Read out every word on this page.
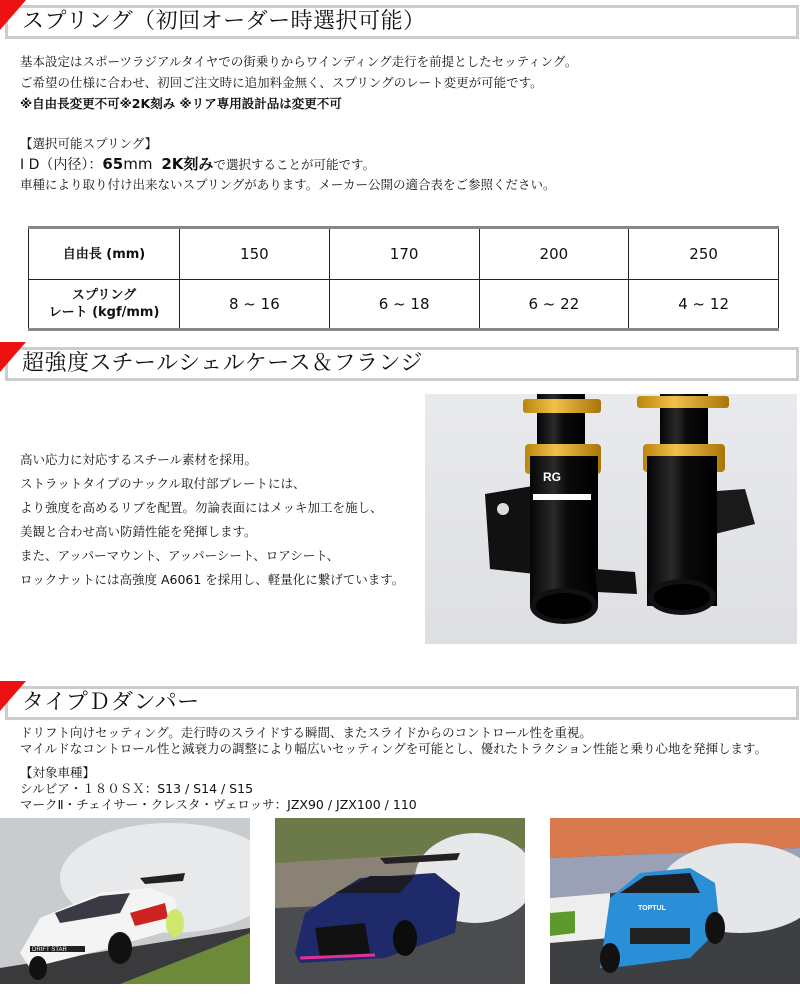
スプリング（初回オーダー時選択可能）
基本設定はスポーツラジアルタイヤでの街乗りからワインディング走行を前提としたセッティング。
ご希望の仕様に合わせ、初回ご注文時に追加料金無く、スプリングのレート変更が可能です。
※自由長変更不可※2K刻み ※リア専用設計品は変更不可
【選択可能スプリング】
I D（内径）：65mm 2K刻みで選択することが可能です。
車種により取り付け出来ないスプリングがあります。メーカー公開の適合表をご参照ください。
自由長 (mm)	150	170	200	250

スプリング
レート (kgf/mm)	8 ~ 16	6 ~ 18	6 ~ 22	4 ~ 12
超強度スチールシェルケース＆フランジ
高い応力に対応するスチール素材を採用。
ストラットタイプのナックル取付部プレートには、
より強度を高めるリブを配置。勿論表面にはメッキ加工を施し、
美観と合わせ高い防錆性能を発揮します。
また、アッパーマウント、アッパーシート、ロアシート、
ロックナットには高強度 A6061 を採用し、軽量化に繋げています。
RG
タイプＤダンパー
ドリフト向けセッティング。走行時のスライドする瞬間、またスライドからのコントロール性を重視。
マイルドなコントロール性と減衰力の調整により幅広いセッティングを可能とし、優れたトラクション性能と乗り心地を発揮します。
【対象車種】
シルビア・１８０ＳＸ：S13 / S14 / S15
マークⅡ・チェイサー・クレスタ・ヴェロッサ：JZX90 / JZX100 / 110
DRIFT STAR
TOPTUL
